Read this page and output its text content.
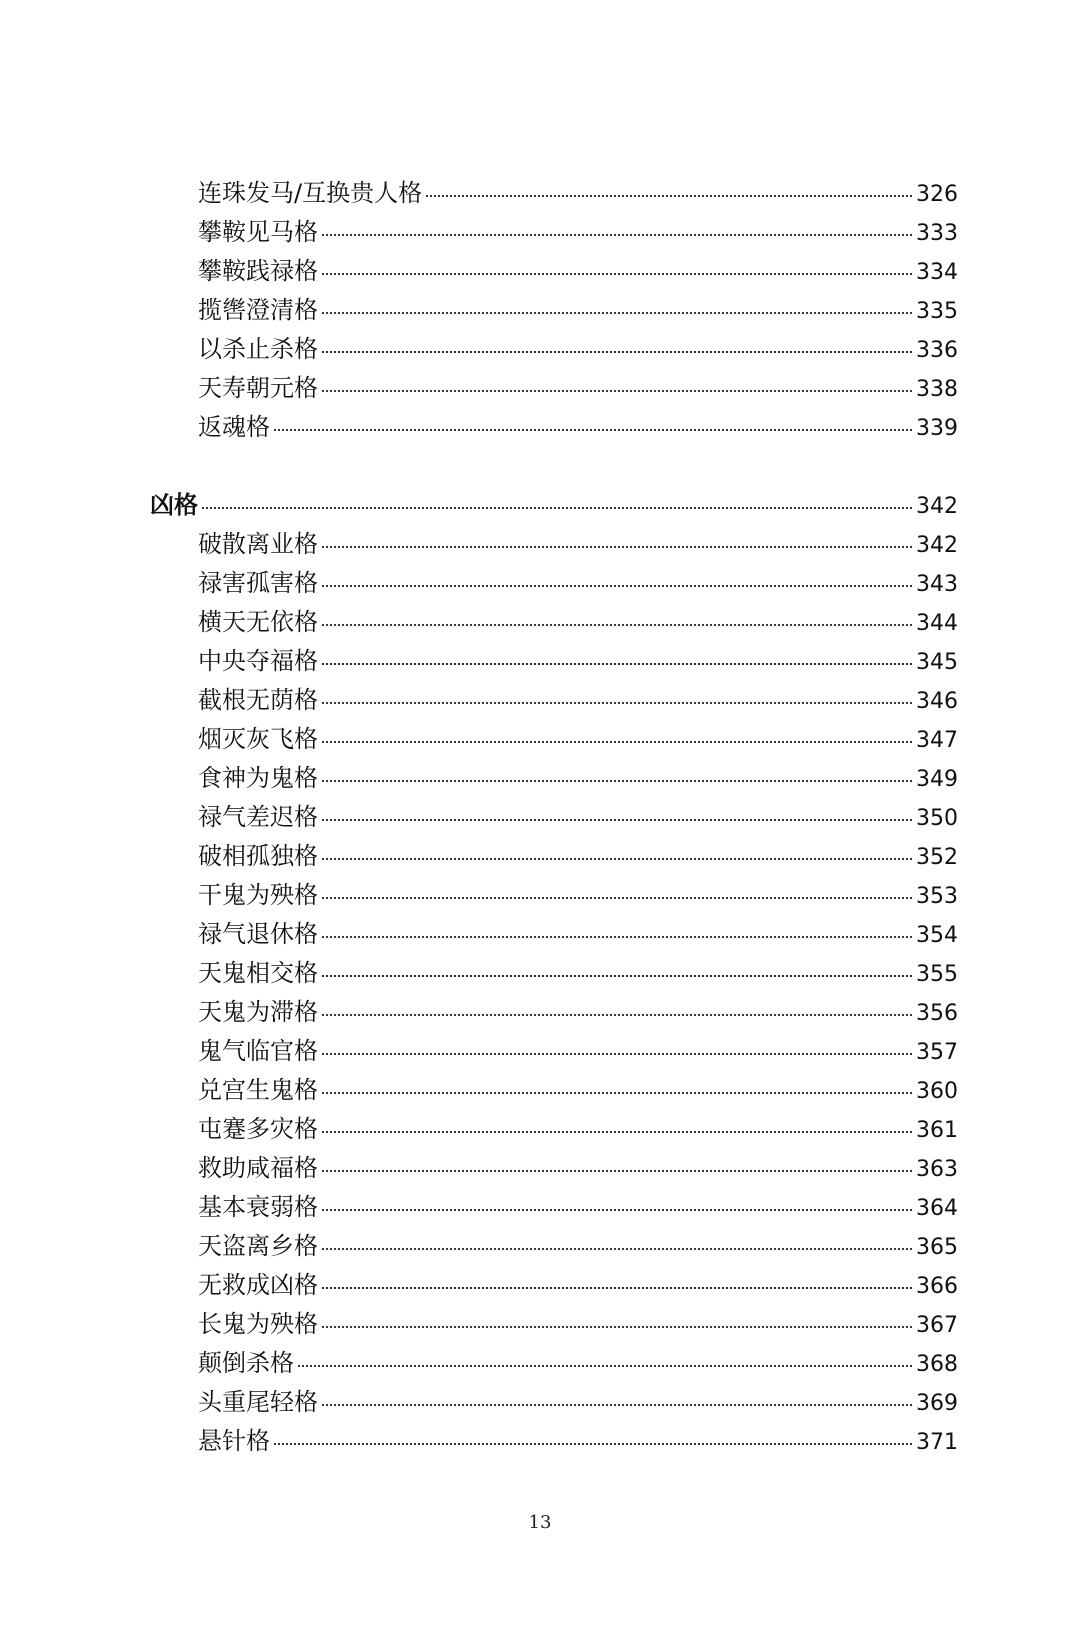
连珠发马/互换贵人格	326
攀鞍见马格	333
攀鞍践禄格	334
揽辔澄清格	335
以杀止杀格	336
天寿朝元格	338
返魂格	339
凶格	342
破散离业格	342
禄害孤害格	343
横天无依格	344
中央夺福格	345
截根无荫格	346
烟灭灰飞格	347
食神为鬼格	349
禄气差迟格	350
破相孤独格	352
干鬼为殃格	353
禄气退休格	354
天鬼相交格	355
天鬼为滞格	356
鬼气临官格	357
兑宫生鬼格	360
屯蹇多灾格	361
救助咸福格	363
基本衰弱格	364
天盗离乡格	365
无救成凶格	366
长鬼为殃格	367
颠倒杀格	368
头重尾轻格	369
悬针格	371
13
